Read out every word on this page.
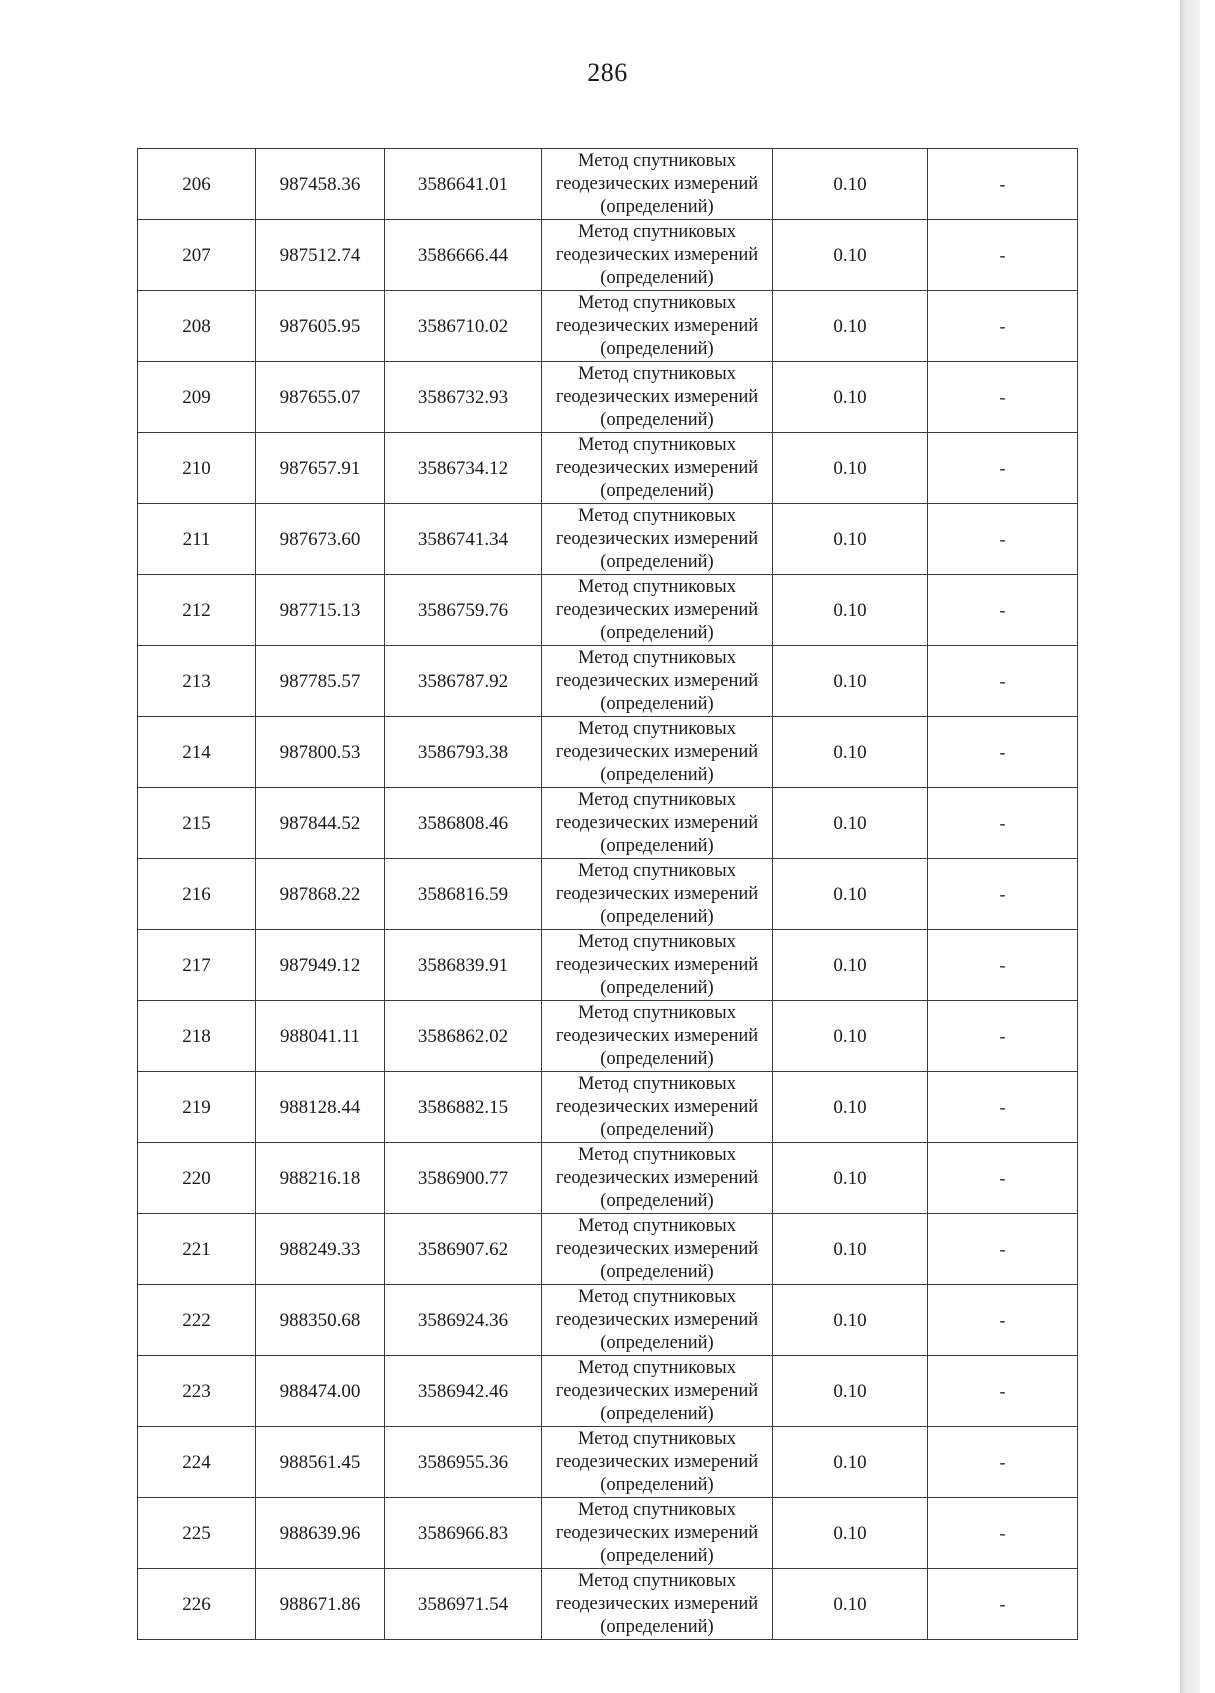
286
206	987458.36	3586641.01	Метод спутниковых
геодезических измерений
(определений)	0.10	-
207	987512.74	3586666.44	Метод спутниковых
геодезических измерений
(определений)	0.10	-
208	987605.95	3586710.02	Метод спутниковых
геодезических измерений
(определений)	0.10	-
209	987655.07	3586732.93	Метод спутниковых
геодезических измерений
(определений)	0.10	-
210	987657.91	3586734.12	Метод спутниковых
геодезических измерений
(определений)	0.10	-
211	987673.60	3586741.34	Метод спутниковых
геодезических измерений
(определений)	0.10	-
212	987715.13	3586759.76	Метод спутниковых
геодезических измерений
(определений)	0.10	-
213	987785.57	3586787.92	Метод спутниковых
геодезических измерений
(определений)	0.10	-
214	987800.53	3586793.38	Метод спутниковых
геодезических измерений
(определений)	0.10	-
215	987844.52	3586808.46	Метод спутниковых
геодезических измерений
(определений)	0.10	-
216	987868.22	3586816.59	Метод спутниковых
геодезических измерений
(определений)	0.10	-
217	987949.12	3586839.91	Метод спутниковых
геодезических измерений
(определений)	0.10	-
218	988041.11	3586862.02	Метод спутниковых
геодезических измерений
(определений)	0.10	-
219	988128.44	3586882.15	Метод спутниковых
геодезических измерений
(определений)	0.10	-
220	988216.18	3586900.77	Метод спутниковых
геодезических измерений
(определений)	0.10	-
221	988249.33	3586907.62	Метод спутниковых
геодезических измерений
(определений)	0.10	-
222	988350.68	3586924.36	Метод спутниковых
геодезических измерений
(определений)	0.10	-
223	988474.00	3586942.46	Метод спутниковых
геодезических измерений
(определений)	0.10	-
224	988561.45	3586955.36	Метод спутниковых
геодезических измерений
(определений)	0.10	-
225	988639.96	3586966.83	Метод спутниковых
геодезических измерений
(определений)	0.10	-
226	988671.86	3586971.54	Метод спутниковых
геодезических измерений
(определений)	0.10	-
